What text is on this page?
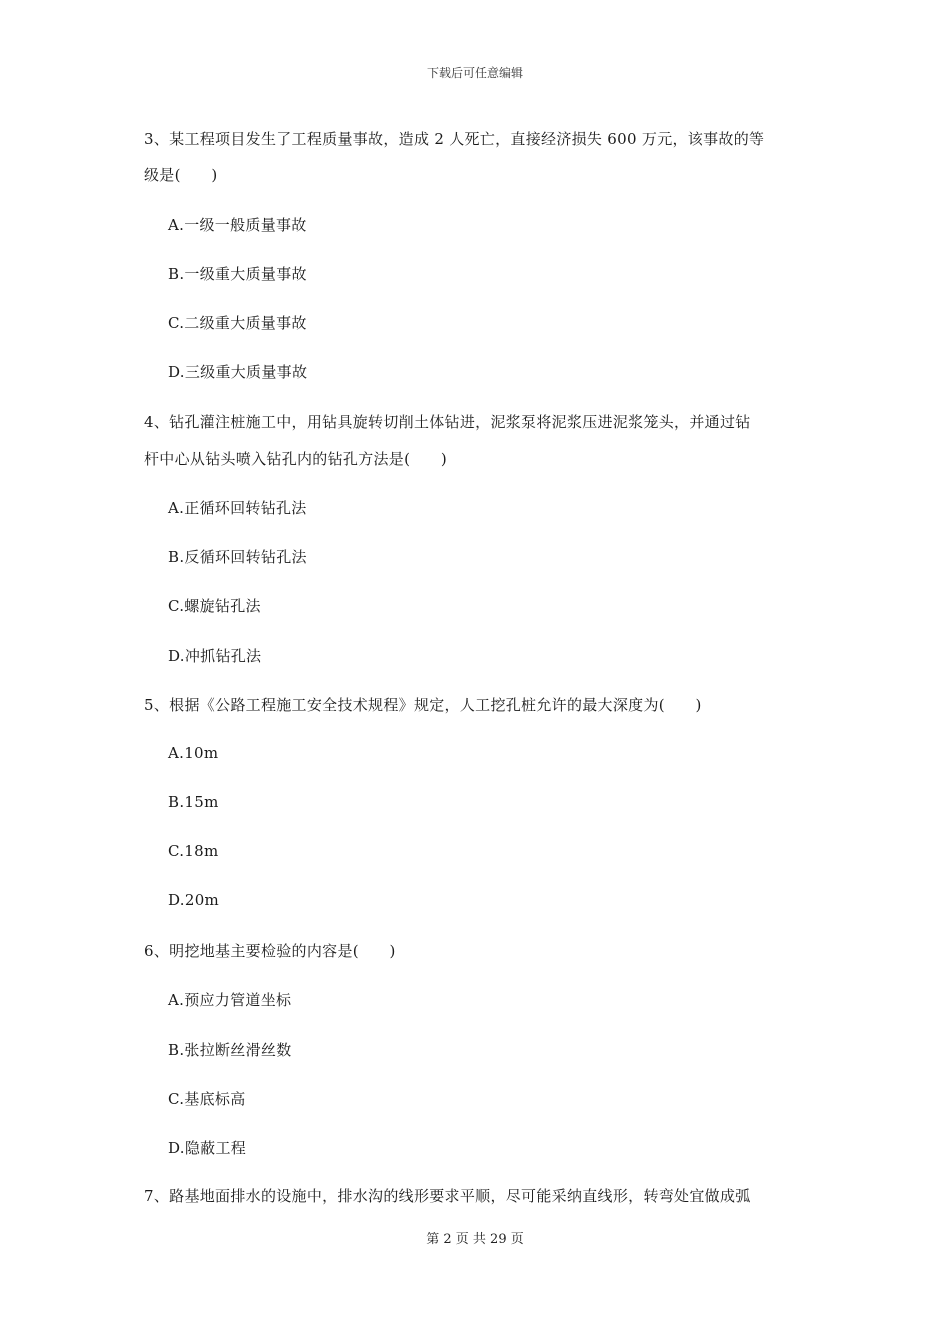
下载后可任意编辑
3、某工程项目发生了工程质量事故，造成 2 人死亡，直接经济损失 600 万元，该事故的等
级是(　　)
A.一级一般质量事故
B.一级重大质量事故
C.二级重大质量事故
D.三级重大质量事故
4、钻孔灌注桩施工中，用钻具旋转切削土体钻进，泥浆泵将泥浆压进泥浆笼头，并通过钻
杆中心从钻头喷入钻孔内的钻孔方法是(　　)
A.正循环回转钻孔法
B.反循环回转钻孔法
C.螺旋钻孔法
D.冲抓钻孔法
5、根据《公路工程施工安全技术规程》规定，人工挖孔桩允许的最大深度为(　　)
A.10m
B.15m
C.18m
D.20m
6、明挖地基主要检验的内容是(　　)
A.预应力管道坐标
B.张拉断丝滑丝数
C.基底标高
D.隐蔽工程
7、路基地面排水的设施中，排水沟的线形要求平顺，尽可能采纳直线形，转弯处宜做成弧
第 2 页 共 29 页
